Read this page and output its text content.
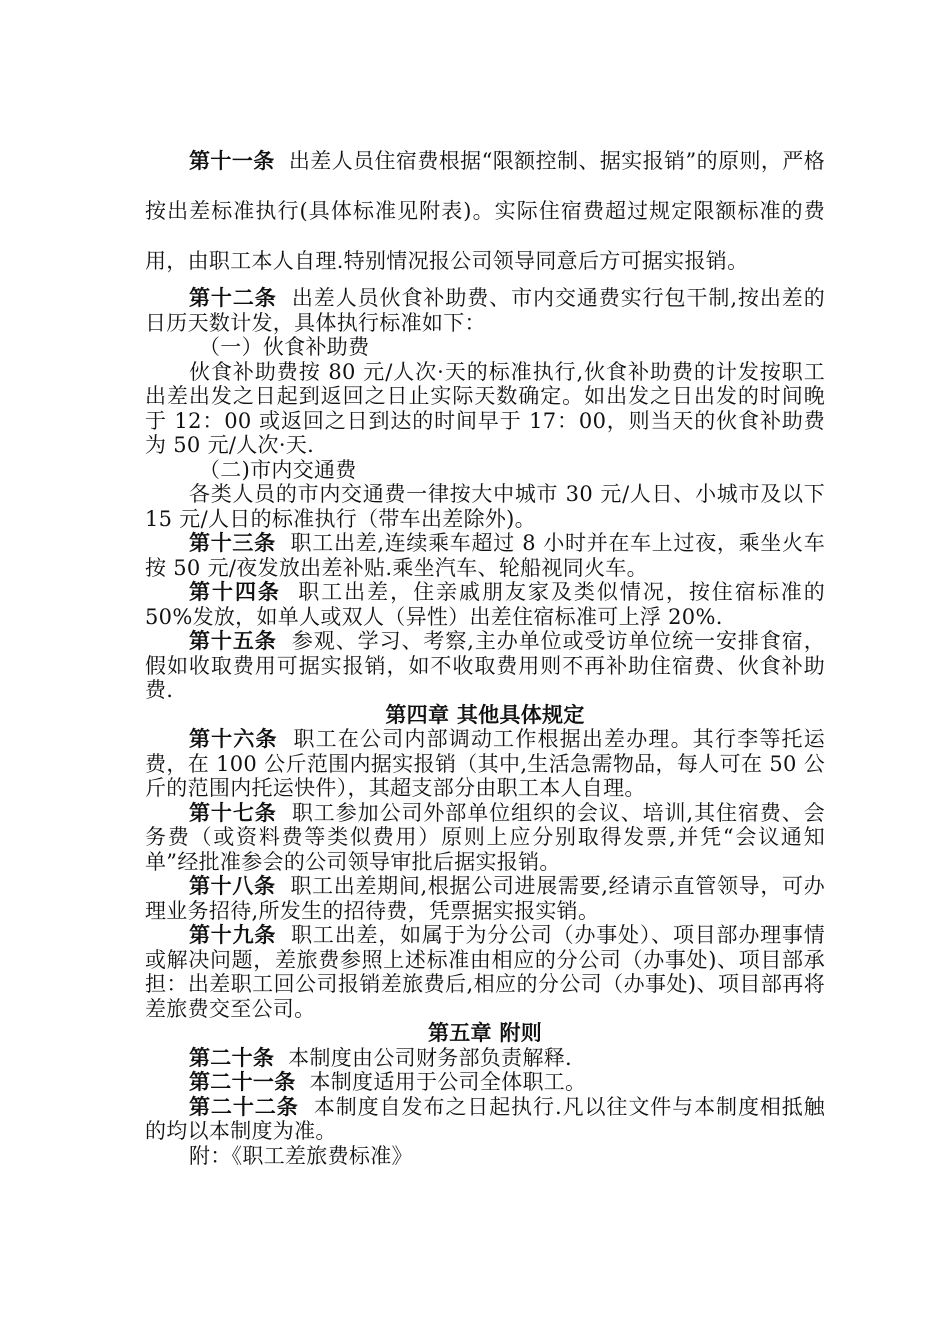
第十一条 出差人员住宿费根据“限额控制、据实报销”的原则，严格按出差标准执行(具体标准见附表)。实际住宿费超过规定限额标准的费用，由职工本人自理.特别情况报公司领导同意后方可据实报销。

第十二条 出差人员伙食补助费、市内交通费实行包干制,按出差的日历天数计发，具体执行标准如下：

（一）伙食补助费

伙食补助费按 80 元/人次·天的标准执行,伙食补助费的计发按职工出差出发之日起到返回之日止实际天数确定。如出发之日出发的时间晚于 12：00 或返回之日到达的时间早于 17：00，则当天的伙食补助费为 50 元/人次·天.

（二)市内交通费

各类人员的市内交通费一律按大中城市 30 元/人日、小城市及以下 15 元/人日的标准执行（带车出差除外)。

第十三条 职工出差,连续乘车超过 8 小时并在车上过夜，乘坐火车按 50 元/夜发放出差补贴.乘坐汽车、轮船视同火车。

第十四条 职工出差，住亲戚朋友家及类似情况，按住宿标准的 50%发放，如单人或双人（异性）出差住宿标准可上浮 20%.

第十五条 参观、学习、考察,主办单位或受访单位统一安排食宿，假如收取费用可据实报销，如不收取费用则不再补助住宿费、伙食补助费.

第四章 其他具体规定

第十六条 职工在公司内部调动工作根据出差办理。其行李等托运费，在 100 公斤范围内据实报销（其中,生活急需物品，每人可在 50 公斤的范围内托运快件），其超支部分由职工本人自理。

第十七条 职工参加公司外部单位组织的会议、培训,其住宿费、会务费（或资料费等类似费用）原则上应分别取得发票,并凭“会议通知单”经批准参会的公司领导审批后据实报销。

第十八条 职工出差期间,根据公司进展需要,经请示直管领导，可办理业务招待,所发生的招待费，凭票据实报实销。

第十九条 职工出差，如属于为分公司（办事处）、项目部办理事情或解决问题，差旅费参照上述标准由相应的分公司（办事处)、项目部承担：出差职工回公司报销差旅费后,相应的分公司（办事处)、项目部再将差旅费交至公司。

第五章 附则

第二十条 本制度由公司财务部负责解释.

第二十一条 本制度适用于公司全体职工。

第二十二条 本制度自发布之日起执行.凡以往文件与本制度相抵触的均以本制度为准。

附：《职工差旅费标准》
